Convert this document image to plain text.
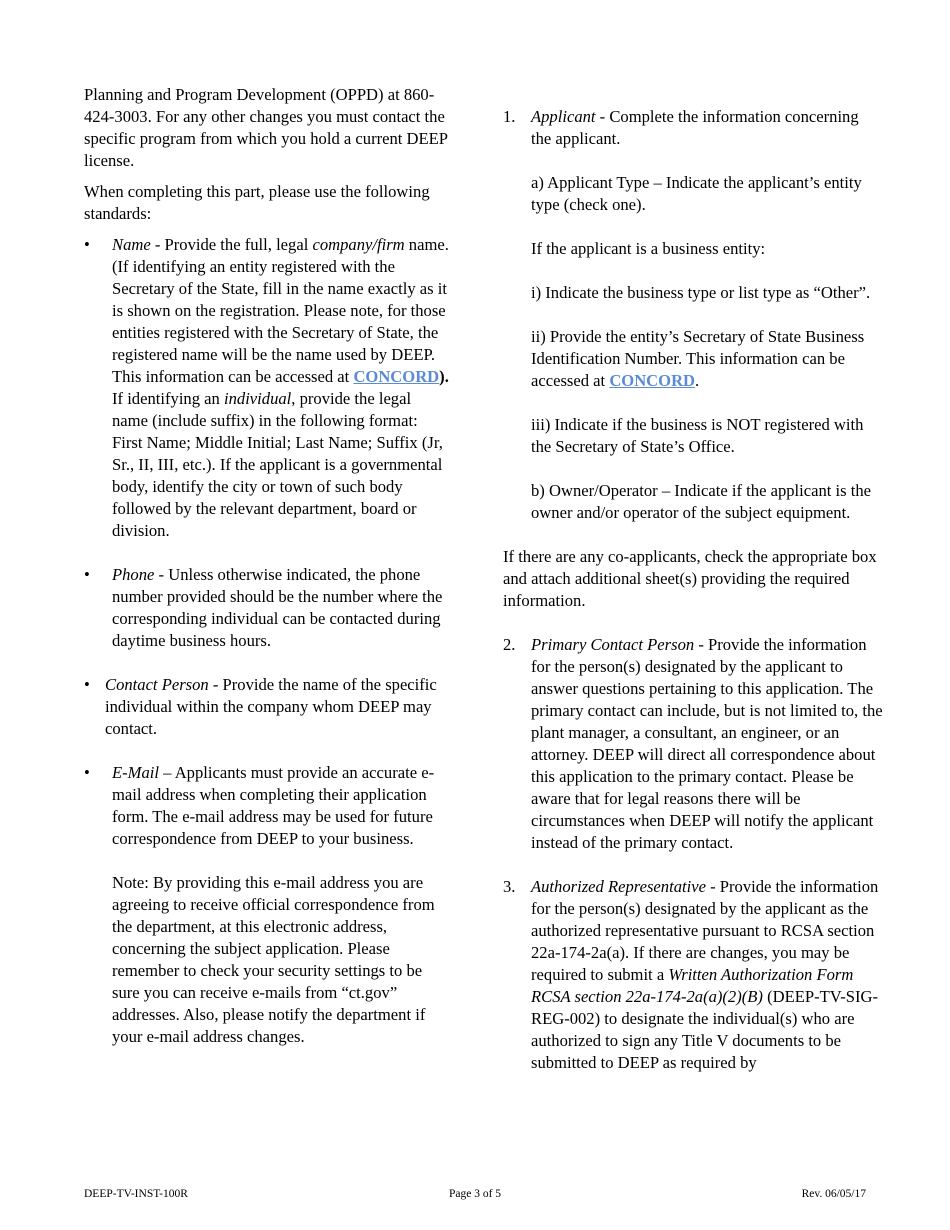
Planning and Program Development (OPPD) at 860-424-3003. For any other changes you must contact the specific program from which you hold a current DEEP license.

When completing this part, please use the following standards:

• Name - Provide the full, legal company/firm name. (If identifying an entity registered with the Secretary of the State, fill in the name exactly as it is shown on the registration. Please note, for those entities registered with the Secretary of State, the registered name will be the name used by DEEP. This information can be accessed at CONCORD). If identifying an individual, provide the legal name (include suffix) in the following format: First Name; Middle Initial; Last Name; Suffix (Jr, Sr., II, III, etc.). If the applicant is a governmental body, identify the city or town of such body followed by the relevant department, board or division.
• Phone - Unless otherwise indicated, the phone number provided should be the number where the corresponding individual can be contacted during daytime business hours.
• Contact Person - Provide the name of the specific individual within the company whom DEEP may contact.
• E-Mail – Applicants must provide an accurate e-mail address when completing their application form. The e-mail address may be used for future correspondence from DEEP to your business.

Note: By providing this e-mail address you are agreeing to receive official correspondence from the department, at this electronic address, concerning the subject application. Please remember to check your security settings to be sure you can receive e-mails from “ct.gov” addresses. Also, please notify the department if your e-mail address changes.

1. Applicant - Complete the information concerning the applicant.

a) Applicant Type – Indicate the applicant’s entity type (check one).

If the applicant is a business entity:

i) Indicate the business type or list type as “Other”.

ii) Provide the entity’s Secretary of State Business Identification Number. This information can be accessed at CONCORD.

iii) Indicate if the business is NOT registered with the Secretary of State’s Office.

b) Owner/Operator – Indicate if the applicant is the owner and/or operator of the subject equipment.

If there are any co-applicants, check the appropriate box and attach additional sheet(s) providing the required information.

2. Primary Contact Person - Provide the information for the person(s) designated by the applicant to answer questions pertaining to this application. The primary contact can include, but is not limited to, the plant manager, a consultant, an engineer, or an attorney. DEEP will direct all correspondence about this application to the primary contact. Please be aware that for legal reasons there will be circumstances when DEEP will notify the applicant instead of the primary contact.
3. Authorized Representative - Provide the information for the person(s) designated by the applicant as the authorized representative pursuant to RCSA section 22a-174-2a(a). If there are changes, you may be required to submit a Written Authorization Form RCSA section 22a-174-2a(a)(2)(B) (DEEP-TV-SIG-REG-002) to designate the individual(s) who are authorized to sign any Title V documents to be submitted to DEEP as required by
DEEP-TV-INST-100R	Page 3 of 5	Rev. 06/05/17
